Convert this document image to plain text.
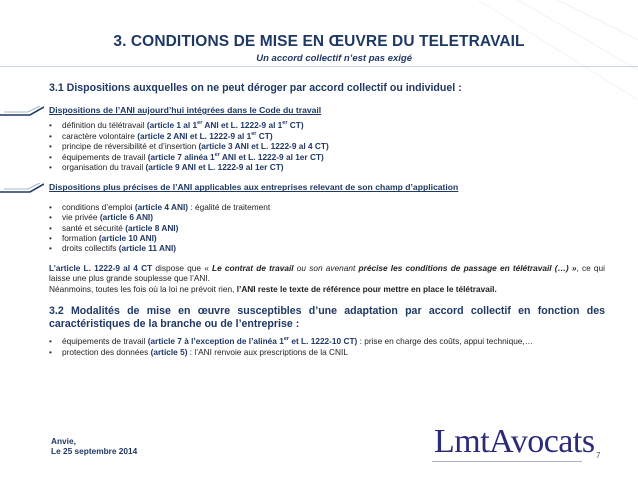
3. CONDITIONS DE MISE EN ŒUVRE DU TELETRAVAIL
Un accord collectif n’est pas exigé
3.1 Dispositions auxquelles on ne peut déroger par accord collectif ou individuel :
Dispositions de l’ANI aujourd’hui intégrées dans le Code du travail
• définition du télétravail (article 1 al 1er ANI et L. 1222-9 al 1er CT)
• caractère volontaire (article 2 ANI et L. 1222-9 al 1er CT)
• principe de réversibilité et d’insertion (article 3 ANI et L. 1222-9 al 4 CT)
• équipements de travail (article 7 alinéa 1er ANI et L. 1222-9 al 1er CT)
• organisation du travail (article 9 ANI et L. 1222-9 al 1er CT)
Dispositions plus précises de l’ANI applicables aux entreprises relevant de son champ d’application
• conditions d’emploi (article 4 ANI) : égalité de traitement
• vie privée (article 6 ANI)
• santé et sécurité (article 8 ANI)
• formation (article 10 ANI)
• droits collectifs (article 11 ANI)
L’article L. 1222-9 al 4 CT dispose que « Le contrat de travail ou son avenant précise les conditions de passage en télétravail (…) », ce qui laisse une plus grande souplesse que l’ANI.
Néanmoins, toutes les fois où la loi ne prévoit rien, l’ANI reste le texte de référence pour mettre en place le télétravail.
3.2 Modalités de mise en œuvre susceptibles d’une adaptation par accord collectif en fonction des caractéristiques de la branche ou de l’entreprise :
• équipements de travail (article 7 à l’exception de l’alinéa 1er et L. 1222-10 CT) : prise en charge des coûts, appui technique,…
• protection des données (article 5) : l’ANI renvoie aux prescriptions de la CNIL
Anvie,
Le 25 septembre 2014	LmtAvocats 7
